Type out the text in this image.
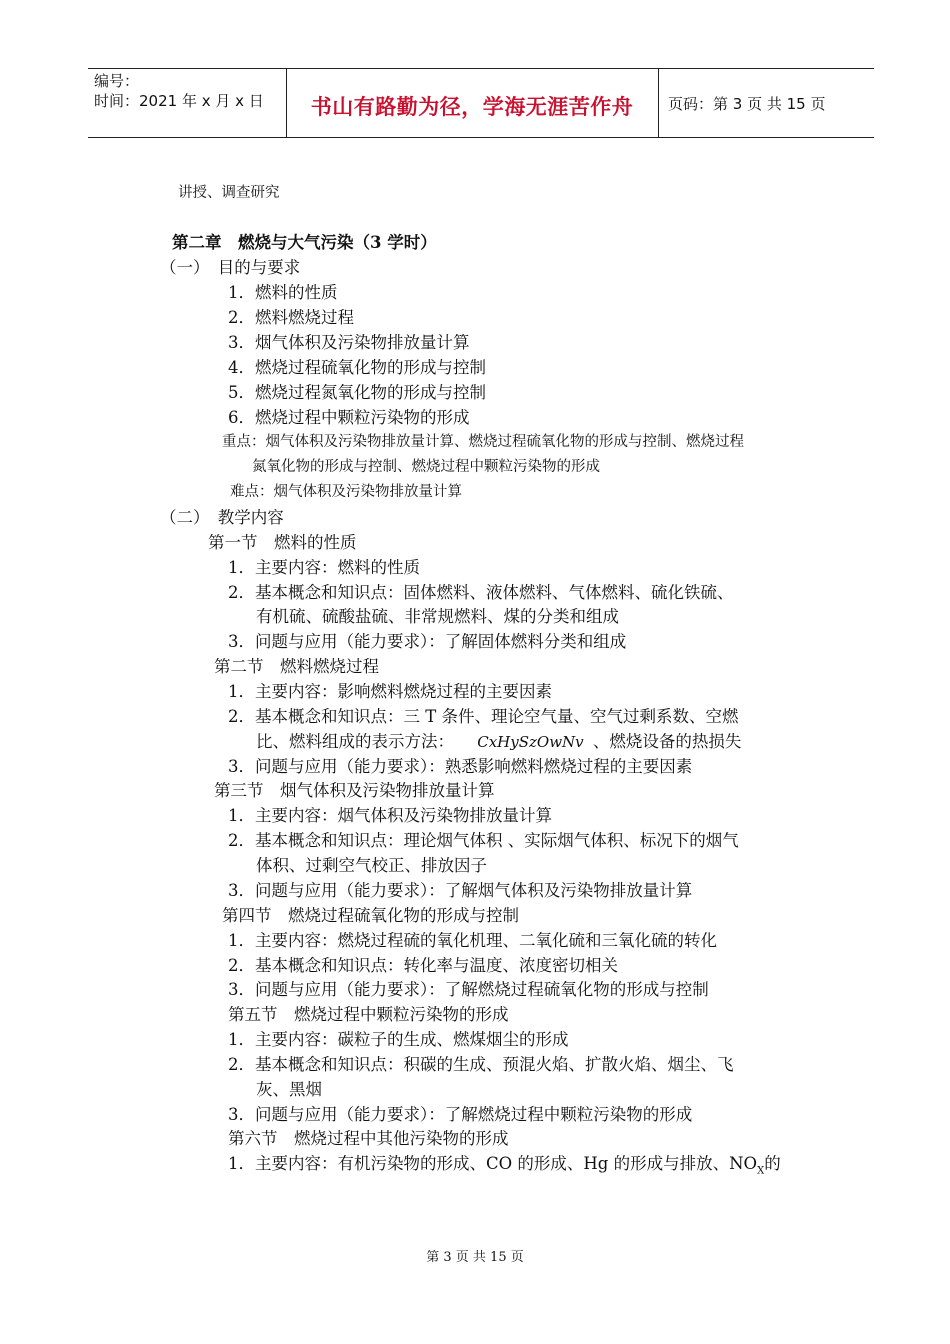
编号：
时间：2021 年 x 月 x 日	书山有路勤为径，学海无涯苦作舟	页码：第 3 页 共 15 页
讲授、调查研究
第二章　燃烧与大气污染（3 学时）
（一）　目的与要求
1．燃料的性质
2．燃料燃烧过程
3．烟气体积及污染物排放量计算
4．燃烧过程硫氧化物的形成与控制
5．燃烧过程氮氧化物的形成与控制
6．燃烧过程中颗粒污染物的形成
重点：烟气体积及污染物排放量计算、燃烧过程硫氧化物的形成与控制、燃烧过程
氮氧化物的形成与控制、燃烧过程中颗粒污染物的形成
难点：烟气体积及污染物排放量计算
（二）　教学内容
第一节　燃料的性质
1．主要内容：燃料的性质
2．基本概念和知识点：固体燃料、液体燃料、气体燃料、硫化铁硫、
有机硫、硫酸盐硫、非常规燃料、煤的分类和组成
3．问题与应用（能力要求）：了解固体燃料分类和组成
第二节　燃料燃烧过程
1．主要内容：影响燃料燃烧过程的主要因素
2．基本概念和知识点：三 T 条件、理论空气量、空气过剩系数、空燃
比、燃料组成的表示方法： CxHySzOwNv 、燃烧设备的热损失
3．问题与应用（能力要求）：熟悉影响燃料燃烧过程的主要因素
第三节　烟气体积及污染物排放量计算
1．主要内容：烟气体积及污染物排放量计算
2．基本概念和知识点：理论烟气体积 、实际烟气体积、标况下的烟气
体积、过剩空气校正、排放因子
3．问题与应用（能力要求）：了解烟气体积及污染物排放量计算
第四节　燃烧过程硫氧化物的形成与控制
1．主要内容：燃烧过程硫的氧化机理、二氧化硫和三氧化硫的转化
2．基本概念和知识点：转化率与温度、浓度密切相关
3．问题与应用（能力要求）：了解燃烧过程硫氧化物的形成与控制
第五节　燃烧过程中颗粒污染物的形成
1．主要内容：碳粒子的生成、燃煤烟尘的形成
2．基本概念和知识点：积碳的生成、预混火焰、扩散火焰、烟尘、飞
灰、黑烟
3．问题与应用（能力要求）：了解燃烧过程中颗粒污染物的形成
第六节　燃烧过程中其他污染物的形成
1．主要内容：有机污染物的形成、CO 的形成、Hg 的形成与排放、$NO_X$的
第 3 页 共 15 页
